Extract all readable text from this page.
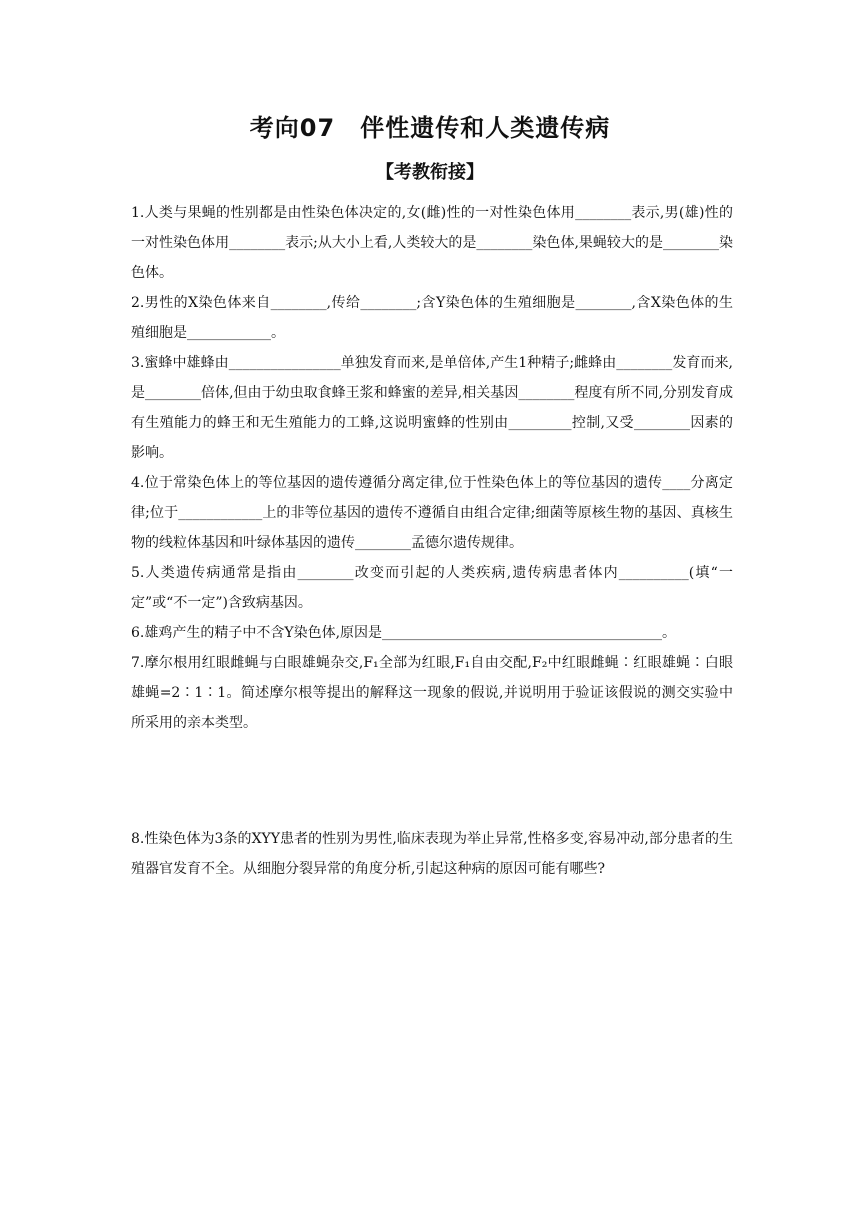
考向07　伴性遗传和人类遗传病
【考教衔接】

1.人类与果蝇的性别都是由性染色体决定的,女(雌)性的一对性染色体用________表示,男(雄)性的一对性染色体用________表示;从大小上看,人类较大的是________染色体,果蝇较大的是________染色体。

2.男性的X染色体来自________,传给________;含Y染色体的生殖细胞是________,含X染色体的生殖细胞是____________。

3.蜜蜂中雄蜂由________________单独发育而来,是单倍体,产生1种精子;雌蜂由________发育而来,是________倍体,但由于幼虫取食蜂王浆和蜂蜜的差异,相关基因________程度有所不同,分别发育成有生殖能力的蜂王和无生殖能力的工蜂,这说明蜜蜂的性别由_________控制,又受________因素的影响。

4.位于常染色体上的等位基因的遗传遵循分离定律,位于性染色体上的等位基因的遗传____分离定律;位于____________上的非等位基因的遗传不遵循自由组合定律;细菌等原核生物的基因、真核生物的线粒体基因和叶绿体基因的遗传________孟德尔遗传规律。

5.人类遗传病通常是指由________改变而引起的人类疾病,遗传病患者体内__________(填“一定”或“不一定”)含致病基因。

6.雄鸡产生的精子中不含Y染色体,原因是________________________________________。

7.摩尔根用红眼雌蝇与白眼雄蝇杂交,F₁全部为红眼,F₁自由交配,F₂中红眼雌蝇∶红眼雄蝇∶白眼雄蝇=2∶1∶1。简述摩尔根等提出的解释这一现象的假说,并说明用于验证该假说的测交实验中所采用的亲本类型。

8.性染色体为3条的XYY患者的性别为男性,临床表现为举止异常,性格多变,容易冲动,部分患者的生殖器官发育不全。从细胞分裂异常的角度分析,引起这种病的原因可能有哪些?
